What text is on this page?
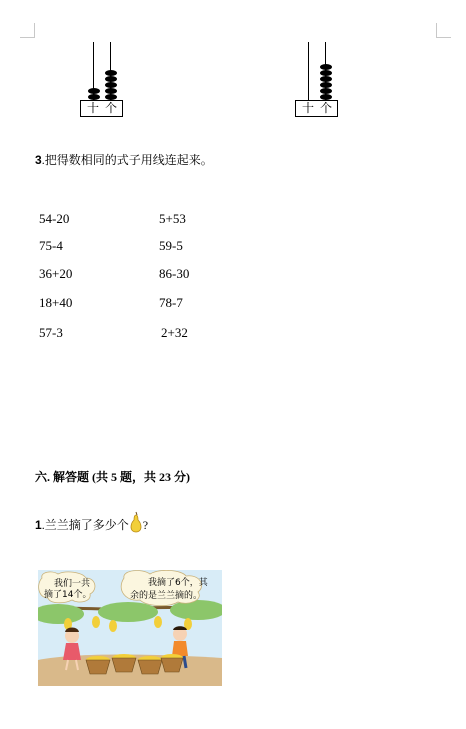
十 个	十 个
3.把得数相同的式子用线连起来。
54-20
75-4
36+20
18+40
57-3
5+53
59-5
86-30
78-7
2+32
六. 解答题 (共 5 题，共 23 分)
1.兰兰摘了多少个 ?
我们一共
摘了14个。
我摘了6个，其
余的是兰兰摘的。
